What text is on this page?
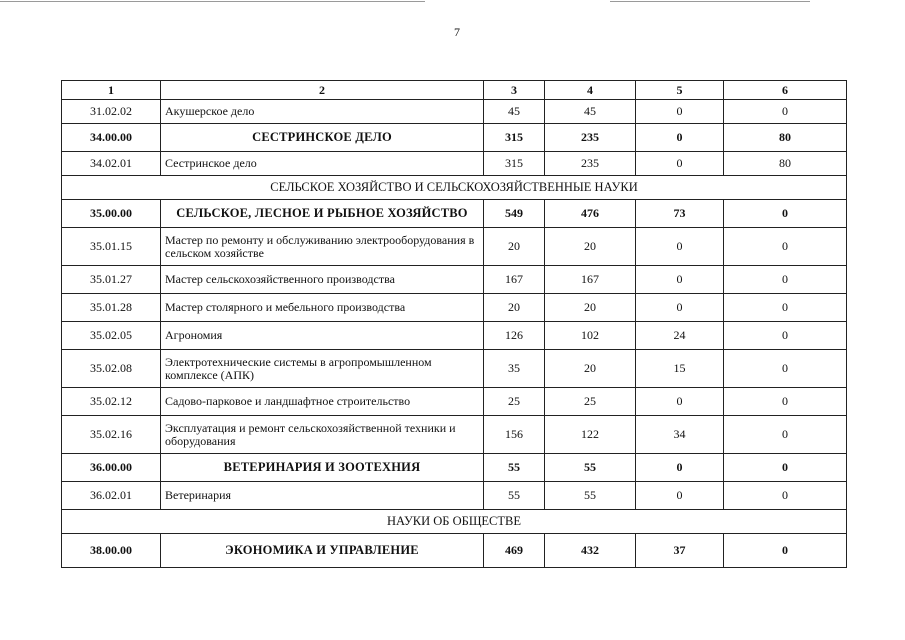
7
1	2	3	4	5	6
31.02.02	Акушерское дело	45	45	0	0
34.00.00	СЕСТРИНСКОЕ ДЕЛО	315	235	0	80
34.02.01	Сестринское дело	315	235	0	80
СЕЛЬСКОЕ ХОЗЯЙСТВО И СЕЛЬСКОХОЗЯЙСТВЕННЫЕ НАУКИ					
35.00.00	СЕЛЬСКОЕ, ЛЕСНОЕ И РЫБНОЕ ХОЗЯЙСТВО	549	476	73	0
35.01.15	Мастер по ремонту и обслуживанию электрооборудования в сельском хозяйстве	20	20	0	0
35.01.27	Мастер сельскохозяйственного производства	167	167	0	0
35.01.28	Мастер столярного и мебельного производства	20	20	0	0
35.02.05	Агрономия	126	102	24	0
35.02.08	Электротехнические системы в агропромышленном комплексе (АПК)	35	20	15	0
35.02.12	Садово-парковое и ландшафтное строительство	25	25	0	0
35.02.16	Эксплуатация и ремонт сельскохозяйственной техники и оборудования	156	122	34	0
36.00.00	ВЕТЕРИНАРИЯ И ЗООТЕХНИЯ	55	55	0	0
36.02.01	Ветеринария	55	55	0	0
НАУКИ ОБ ОБЩЕСТВЕ					
38.00.00	ЭКОНОМИКА И УПРАВЛЕНИЕ	469	432	37	0
